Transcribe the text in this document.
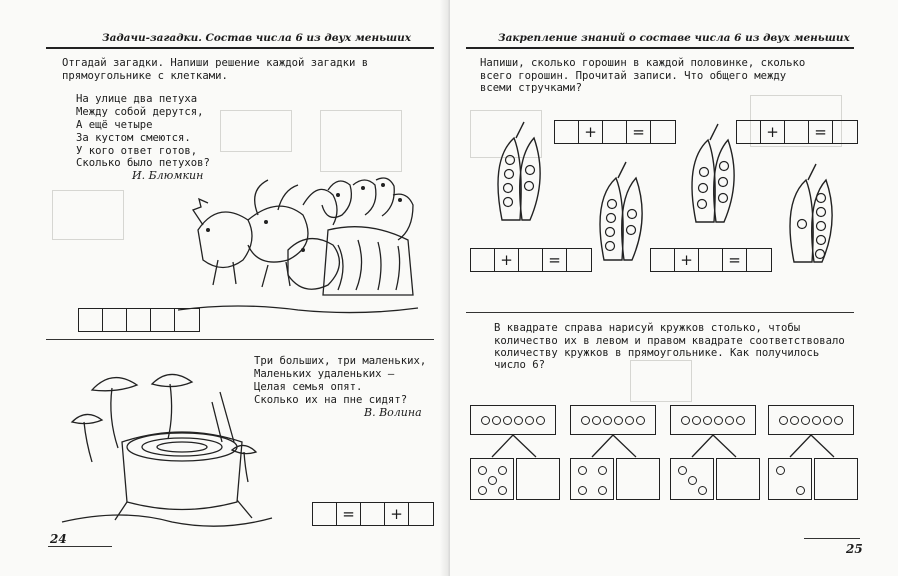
Задачи-загадки. Состав числа 6 из двух меньших
Отгадай загадки. Напиши решение каждой загадки в
прямоугольнике с клетками.
На улице два петуха
Между собой дерутся,
А ещё четыре
За кустом смеются.
У кого ответ готов,
Сколько было петухов?
И. Блюмкин
Три больших, три маленьких,
Маленьких удаленьких —
Целая семья опят.
Сколько их на пне сидят?
В. Волина
=	+
24
Закрепление знаний о составе числа 6 из двух меньших
Напиши, сколько горошин в каждой половинке, сколько
всего горошин. Прочитай записи. Что общего между
всеми стручками?
+	=	+	=
+	=	+	=
В квадрате справа нарисуй кружков столько, чтобы
количество их в левом и правом квадрате соответствовало
количеству кружков в прямоугольнике. Как получилось
число 6?
25
